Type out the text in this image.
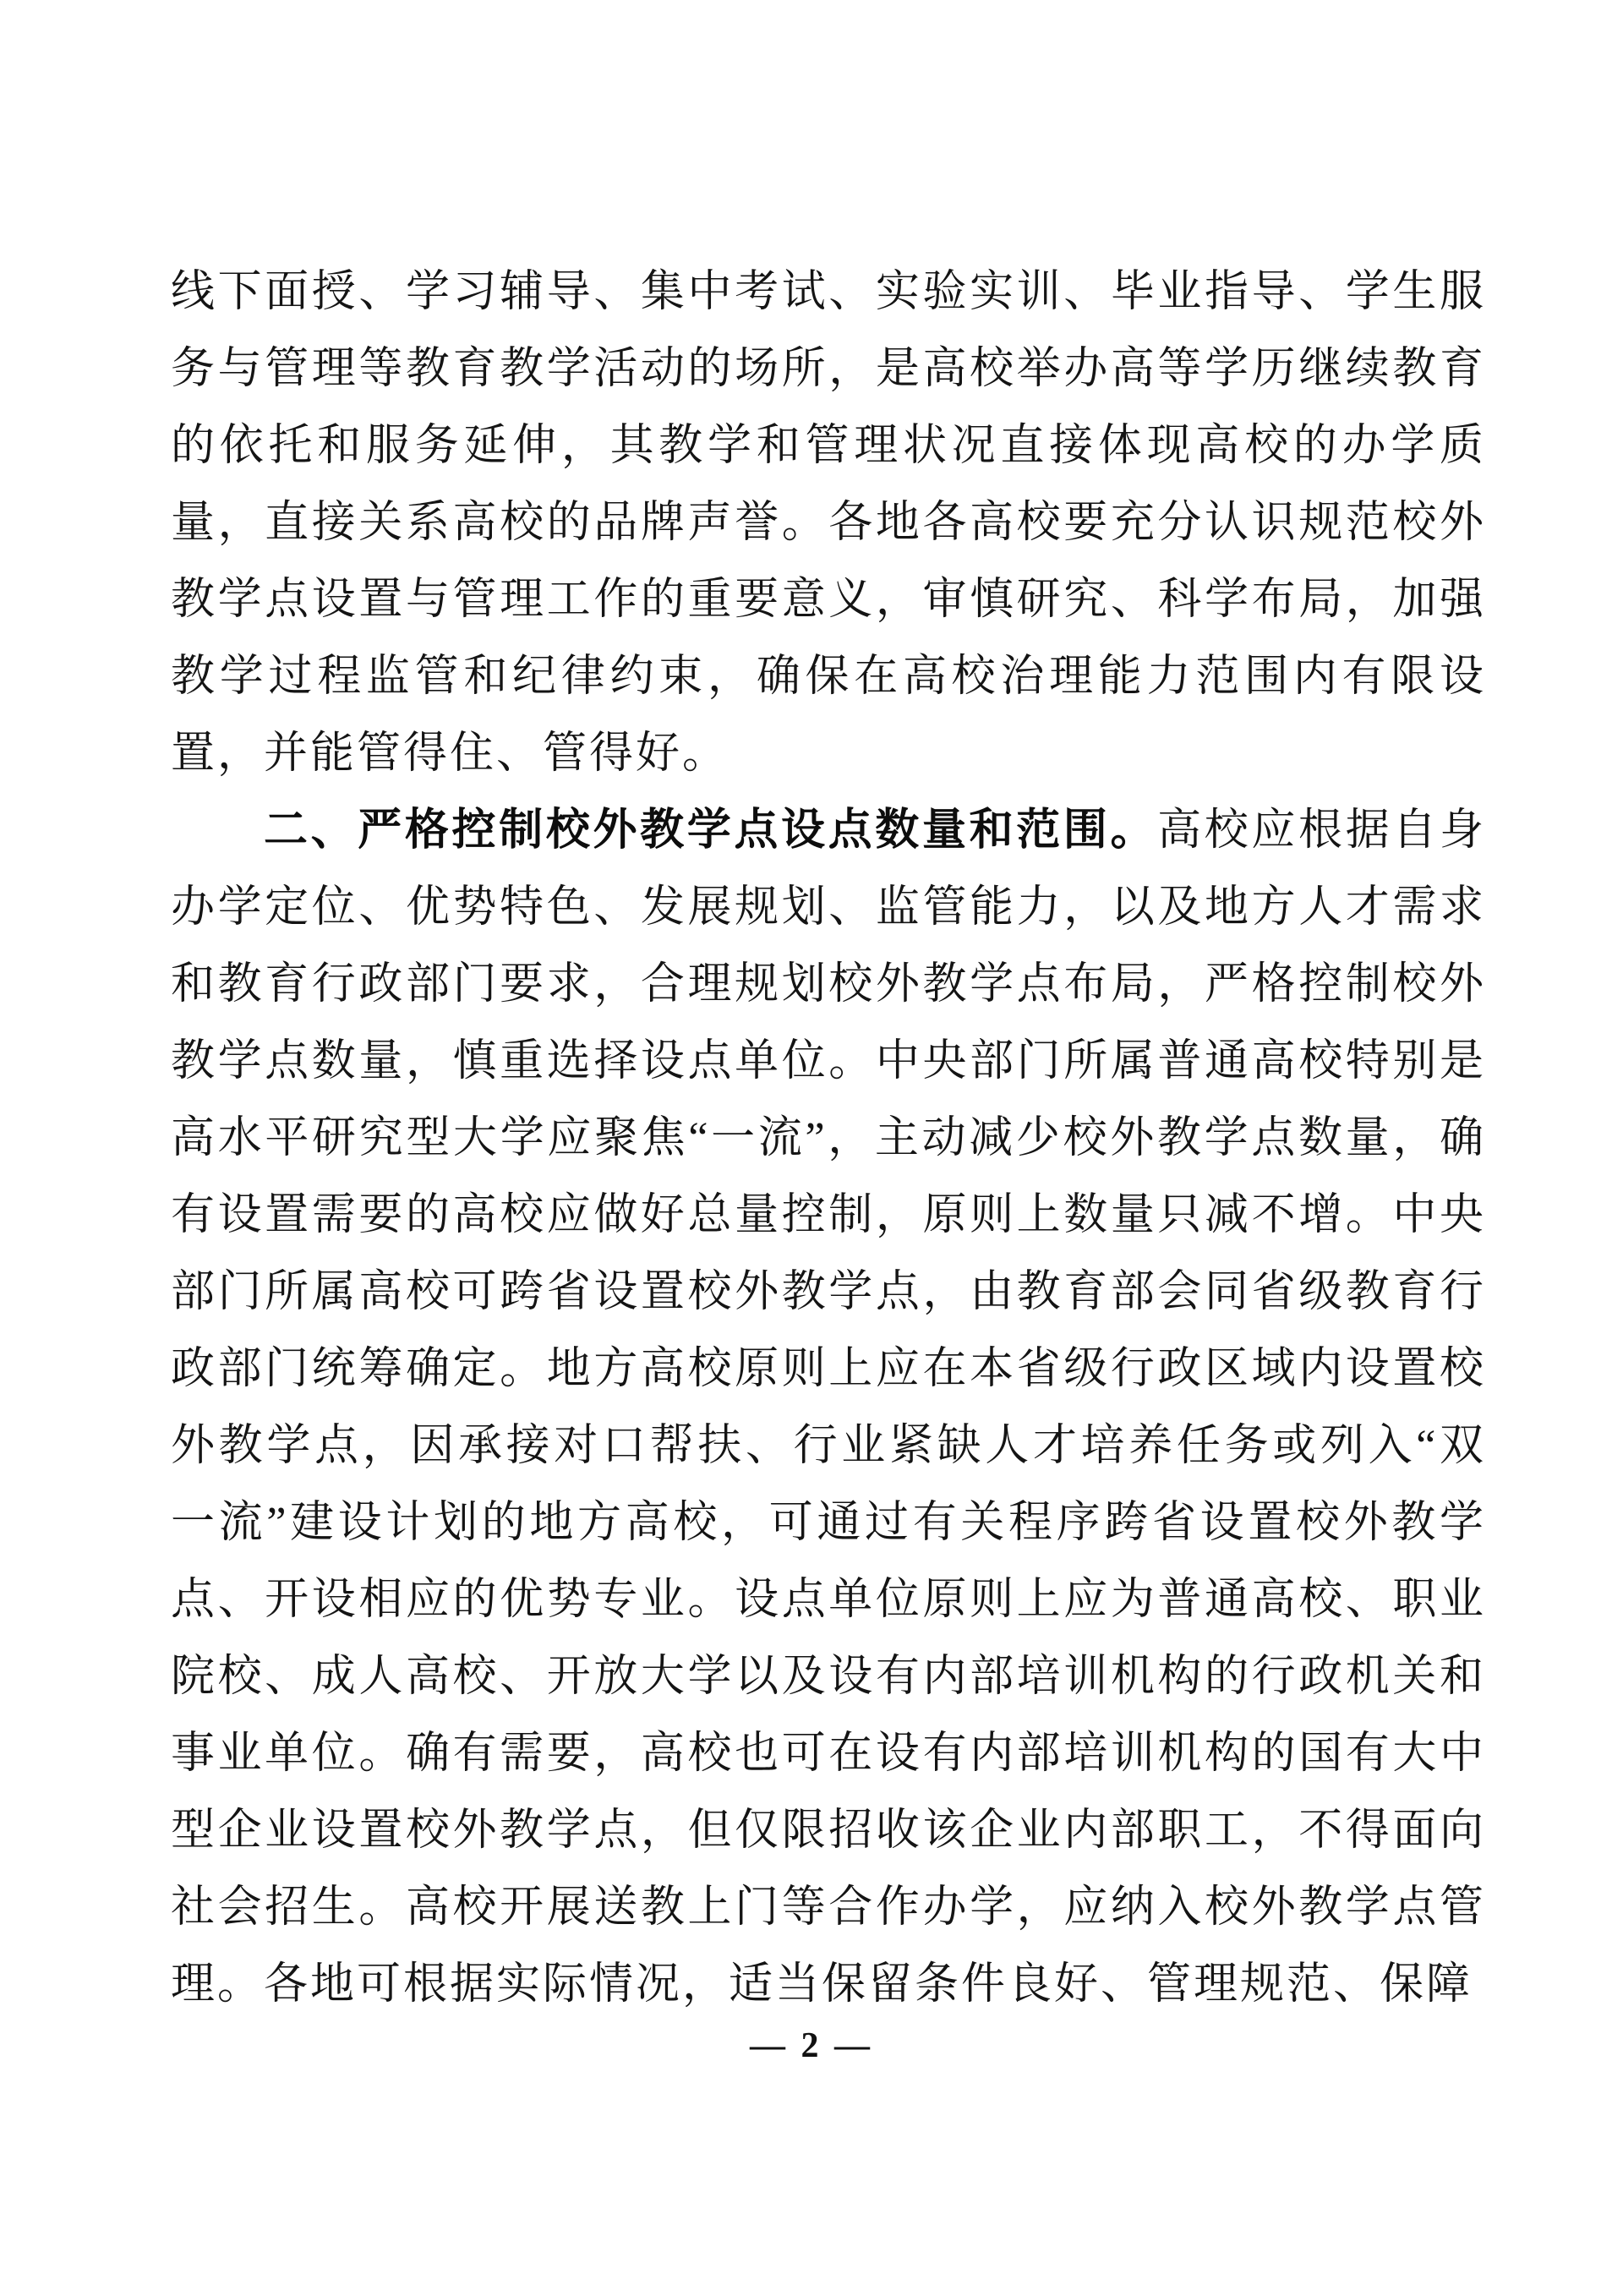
线下面授、学习辅导、集中考试、实验实训、毕业指导、学生服务与管理等教育教学活动的场所，是高校举办高等学历继续教育的依托和服务延伸，其教学和管理状况直接体现高校的办学质量，直接关系高校的品牌声誉。各地各高校要充分认识规范校外教学点设置与管理工作的重要意义，审慎研究、科学布局，加强教学过程监管和纪律约束，确保在高校治理能力范围内有限设置，并能管得住、管得好。

二、严格控制校外教学点设点数量和范围。高校应根据自身办学定位、优势特色、发展规划、监管能力，以及地方人才需求和教育行政部门要求，合理规划校外教学点布局，严格控制校外教学点数量，慎重选择设点单位。中央部门所属普通高校特别是高水平研究型大学应聚焦“一流”，主动减少校外教学点数量，确有设置需要的高校应做好总量控制，原则上数量只减不增。中央部门所属高校可跨省设置校外教学点，由教育部会同省级教育行政部门统筹确定。地方高校原则上应在本省级行政区域内设置校外教学点，因承接对口帮扶、行业紧缺人才培养任务或列入“双一流”建设计划的地方高校，可通过有关程序跨省设置校外教学点、开设相应的优势专业。设点单位原则上应为普通高校、职业院校、成人高校、开放大学以及设有内部培训机构的行政机关和事业单位。确有需要，高校也可在设有内部培训机构的国有大中型企业设置校外教学点，但仅限招收该企业内部职工，不得面向社会招生。高校开展送教上门等合作办学，应纳入校外教学点管理。各地可根据实际情况，适当保留条件良好、管理规范、保障

— 2 —
